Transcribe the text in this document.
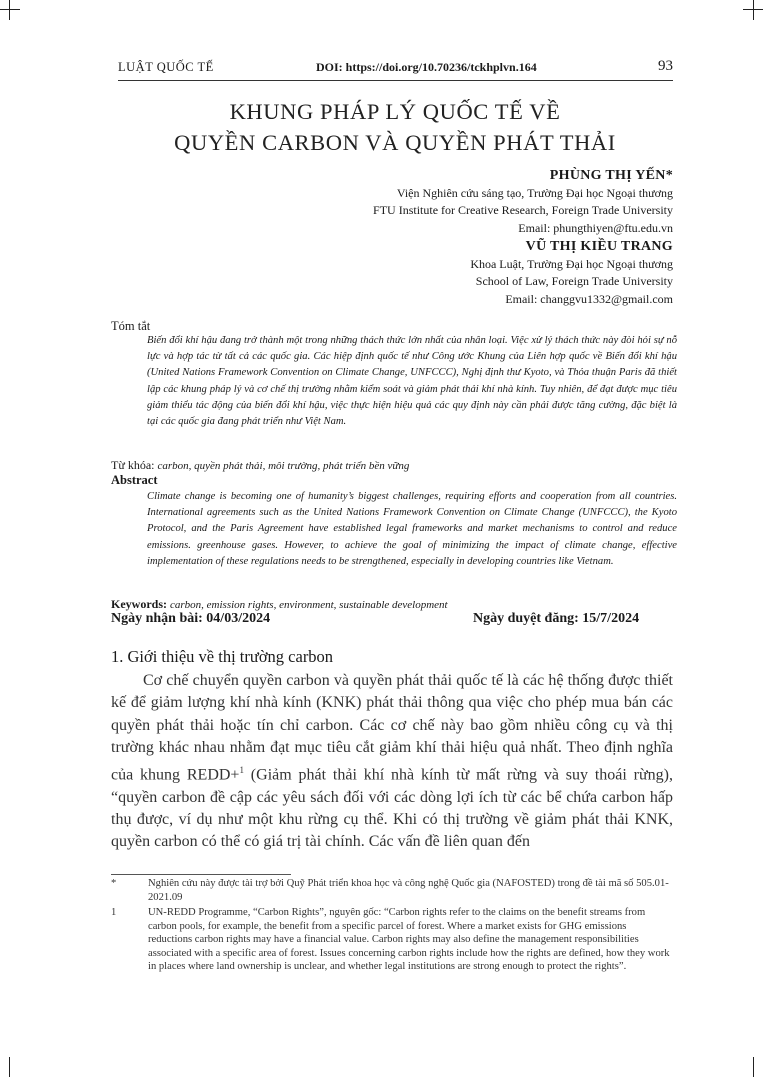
LUẬT QUỐC TẾ	DOI: https://doi.org/10.70236/tckhplvn.164	93
KHUNG PHÁP LÝ QUỐC TẾ VỀ
QUYỀN CARBON VÀ QUYỀN PHÁT THẢI
PHÙNG THỊ YẾN*
Viện Nghiên cứu sáng tạo, Trường Đại học Ngoại thương
FTU Institute for Creative Research, Foreign Trade University
Email: phungthiyen@ftu.edu.vn
VŨ THỊ KIỀU TRANG
Khoa Luật, Trường Đại học Ngoại thương
School of Law, Foreign Trade University
Email: changgvu1332@gmail.com
Tóm tắt
Biến đổi khí hậu đang trở thành một trong những thách thức lớn nhất của nhân loại. Việc xử lý thách thức này đòi hỏi sự nỗ lực và hợp tác từ tất cả các quốc gia. Các hiệp định quốc tế như Công ước Khung của Liên hợp quốc về Biến đổi khí hậu (United Nations Framework Convention on Climate Change, UNFCCC), Nghị định thư Kyoto, và Thỏa thuận Paris đã thiết lập các khung pháp lý và cơ chế thị trường nhằm kiểm soát và giảm phát thải khí nhà kính. Tuy nhiên, để đạt được mục tiêu giảm thiểu tác động của biến đổi khí hậu, việc thực hiện hiệu quả các quy định này cần phải được tăng cường, đặc biệt là tại các quốc gia đang phát triển như Việt Nam.
Từ khóa: carbon, quyền phát thải, môi trường, phát triển bền vững
Abstract
Climate change is becoming one of humanity’s biggest challenges, requiring efforts and cooperation from all countries. International agreements such as the United Nations Framework Convention on Climate Change (UNFCCC), the Kyoto Protocol, and the Paris Agreement have established legal frameworks and market mechanisms to control and reduce emissions. greenhouse gases. However, to achieve the goal of minimizing the impact of climate change, effective implementation of these regulations needs to be strengthened, especially in developing countries like Vietnam.
Keywords: carbon, emission rights, environment, sustainable development
Ngày nhận bài: 04/03/2024	Ngày duyệt đăng: 15/7/2024
1. Giới thiệu về thị trường carbon
Cơ chế chuyển quyền carbon và quyền phát thải quốc tế là các hệ thống được thiết kế để giảm lượng khí nhà kính (KNK) phát thải thông qua việc cho phép mua bán các quyền phát thải hoặc tín chỉ carbon. Các cơ chế này bao gồm nhiều công cụ và thị trường khác nhau nhằm đạt mục tiêu cắt giảm khí thải hiệu quả nhất. Theo định nghĩa của khung REDD+$^1$ (Giảm phát thải khí nhà kính từ mất rừng và suy thoái rừng), “quyền carbon đề cập các yêu sách đối với các dòng lợi ích từ các bể chứa carbon hấp thụ được, ví dụ như một khu rừng cụ thể. Khi có thị trường về giảm phát thải KNK, quyền carbon có thể có giá trị tài chính. Các vấn đề liên quan đến
*	Nghiên cứu này được tài trợ bởi Quỹ Phát triển khoa học và công nghệ Quốc gia (NAFOSTED) trong đề tài mã số 505.01-2021.09
1	UN-REDD Programme, “Carbon Rights”, nguyên gốc: “Carbon rights refer to the claims on the benefit streams from carbon pools, for example, the benefit from a specific parcel of forest. Where a market exists for GHG emissions reductions carbon rights may have a financial value. Carbon rights may also define the management responsibilities associated with a specific area of forest. Issues concerning carbon rights include how the rights are defined, how they work in places where land ownership is unclear, and whether legal institutions are strong enough to protect the rights”.
